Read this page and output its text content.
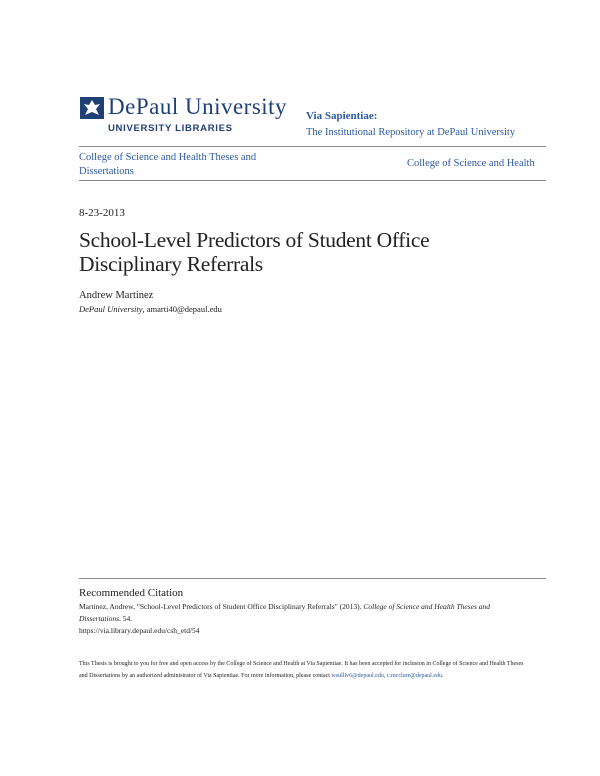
DePaul University
UNIVERSITY LIBRARIES
Via Sapientiae:
The Institutional Repository at DePaul University
College of Science and Health Theses and Dissertations
College of Science and Health
8-23-2013
School-Level Predictors of Student Office Disciplinary Referrals
Andrew Martinez
DePaul University, amarti40@depaul.edu
Recommended Citation
Martinez, Andrew, "School-Level Predictors of Student Office Disciplinary Referrals" (2013). College of Science and Health Theses and Dissertations. 54.
https://via.library.depaul.edu/csh_etd/54
This Thesis is brought to you for free and open access by the College of Science and Health at Via Sapientiae. It has been accepted for inclusion in College of Science and Health Theses and Dissertations by an authorized administrator of Via Sapientiae. For more information, please contact wsulliv6@depaul.edu, c.mcclure@depaul.edu.
